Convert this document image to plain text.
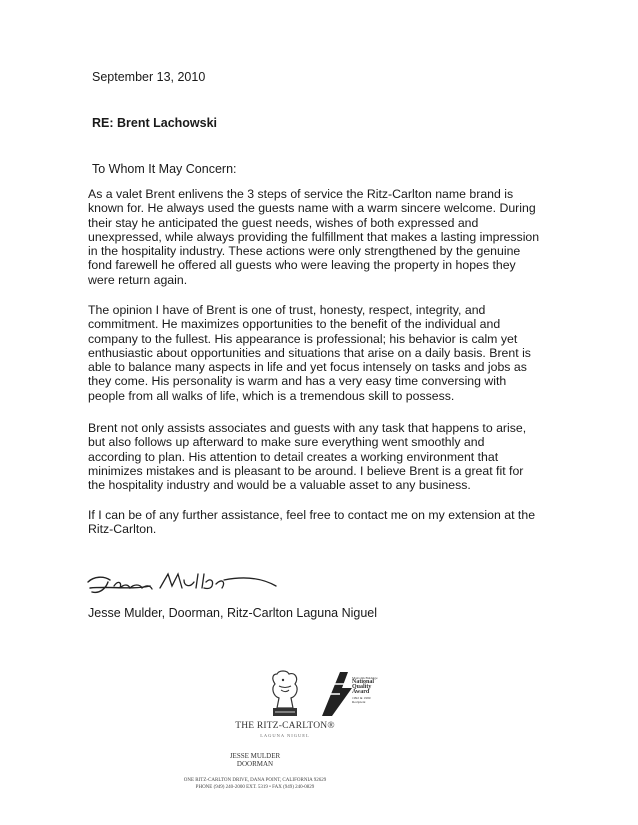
September 13, 2010
RE: Brent Lachowski
To Whom It May Concern:

As a valet Brent enlivens the 3 steps of service the Ritz-Carlton name brand is known for. He always used the guests name with a warm sincere welcome. During their stay he anticipated the guest needs, wishes of both expressed and unexpressed, while always providing the fulfillment that makes a lasting impression in the hospitality industry. These actions were only strengthened by the genuine fond farewell he offered all guests who were leaving the property in hopes they were return again.

The opinion I have of Brent is one of trust, honesty, respect, integrity, and commitment. He maximizes opportunities to the benefit of the individual and company to the fullest. His appearance is professional; his behavior is calm yet enthusiastic about opportunities and situations that arise on a daily basis. Brent is able to balance many aspects in life and yet focus intensely on tasks and jobs as they come. His personality is warm and has a very easy time conversing with people from all walks of life, which is a tremendous skill to possess.

Brent not only assists associates and guests with any task that happens to arise, but also follows up afterward to make sure everything went smoothly and according to plan. His attention to detail creates a working environment that minimizes mistakes and is pleasant to be around. I believe Brent is a great fit for the hospitality industry and would be a valuable asset to any business.

If I can be of any further assistance, feel free to contact me on my extension at the Ritz-Carlton.

Jesse Mulder, Doorman, Ritz-Carlton Laguna Niguel
THE RITZ-CARLTON®
LAGUNA NIGUEL
Malcolm Baldrige
National Quality Award
1992 & 1999 Recipient
JESSE MULDER
DOORMAN
ONE RITZ-CARLTON DRIVE, DANA POINT, CALIFORNIA 92629
PHONE (949) 240-2000 EXT. 5319 • FAX (949) 240-0829
